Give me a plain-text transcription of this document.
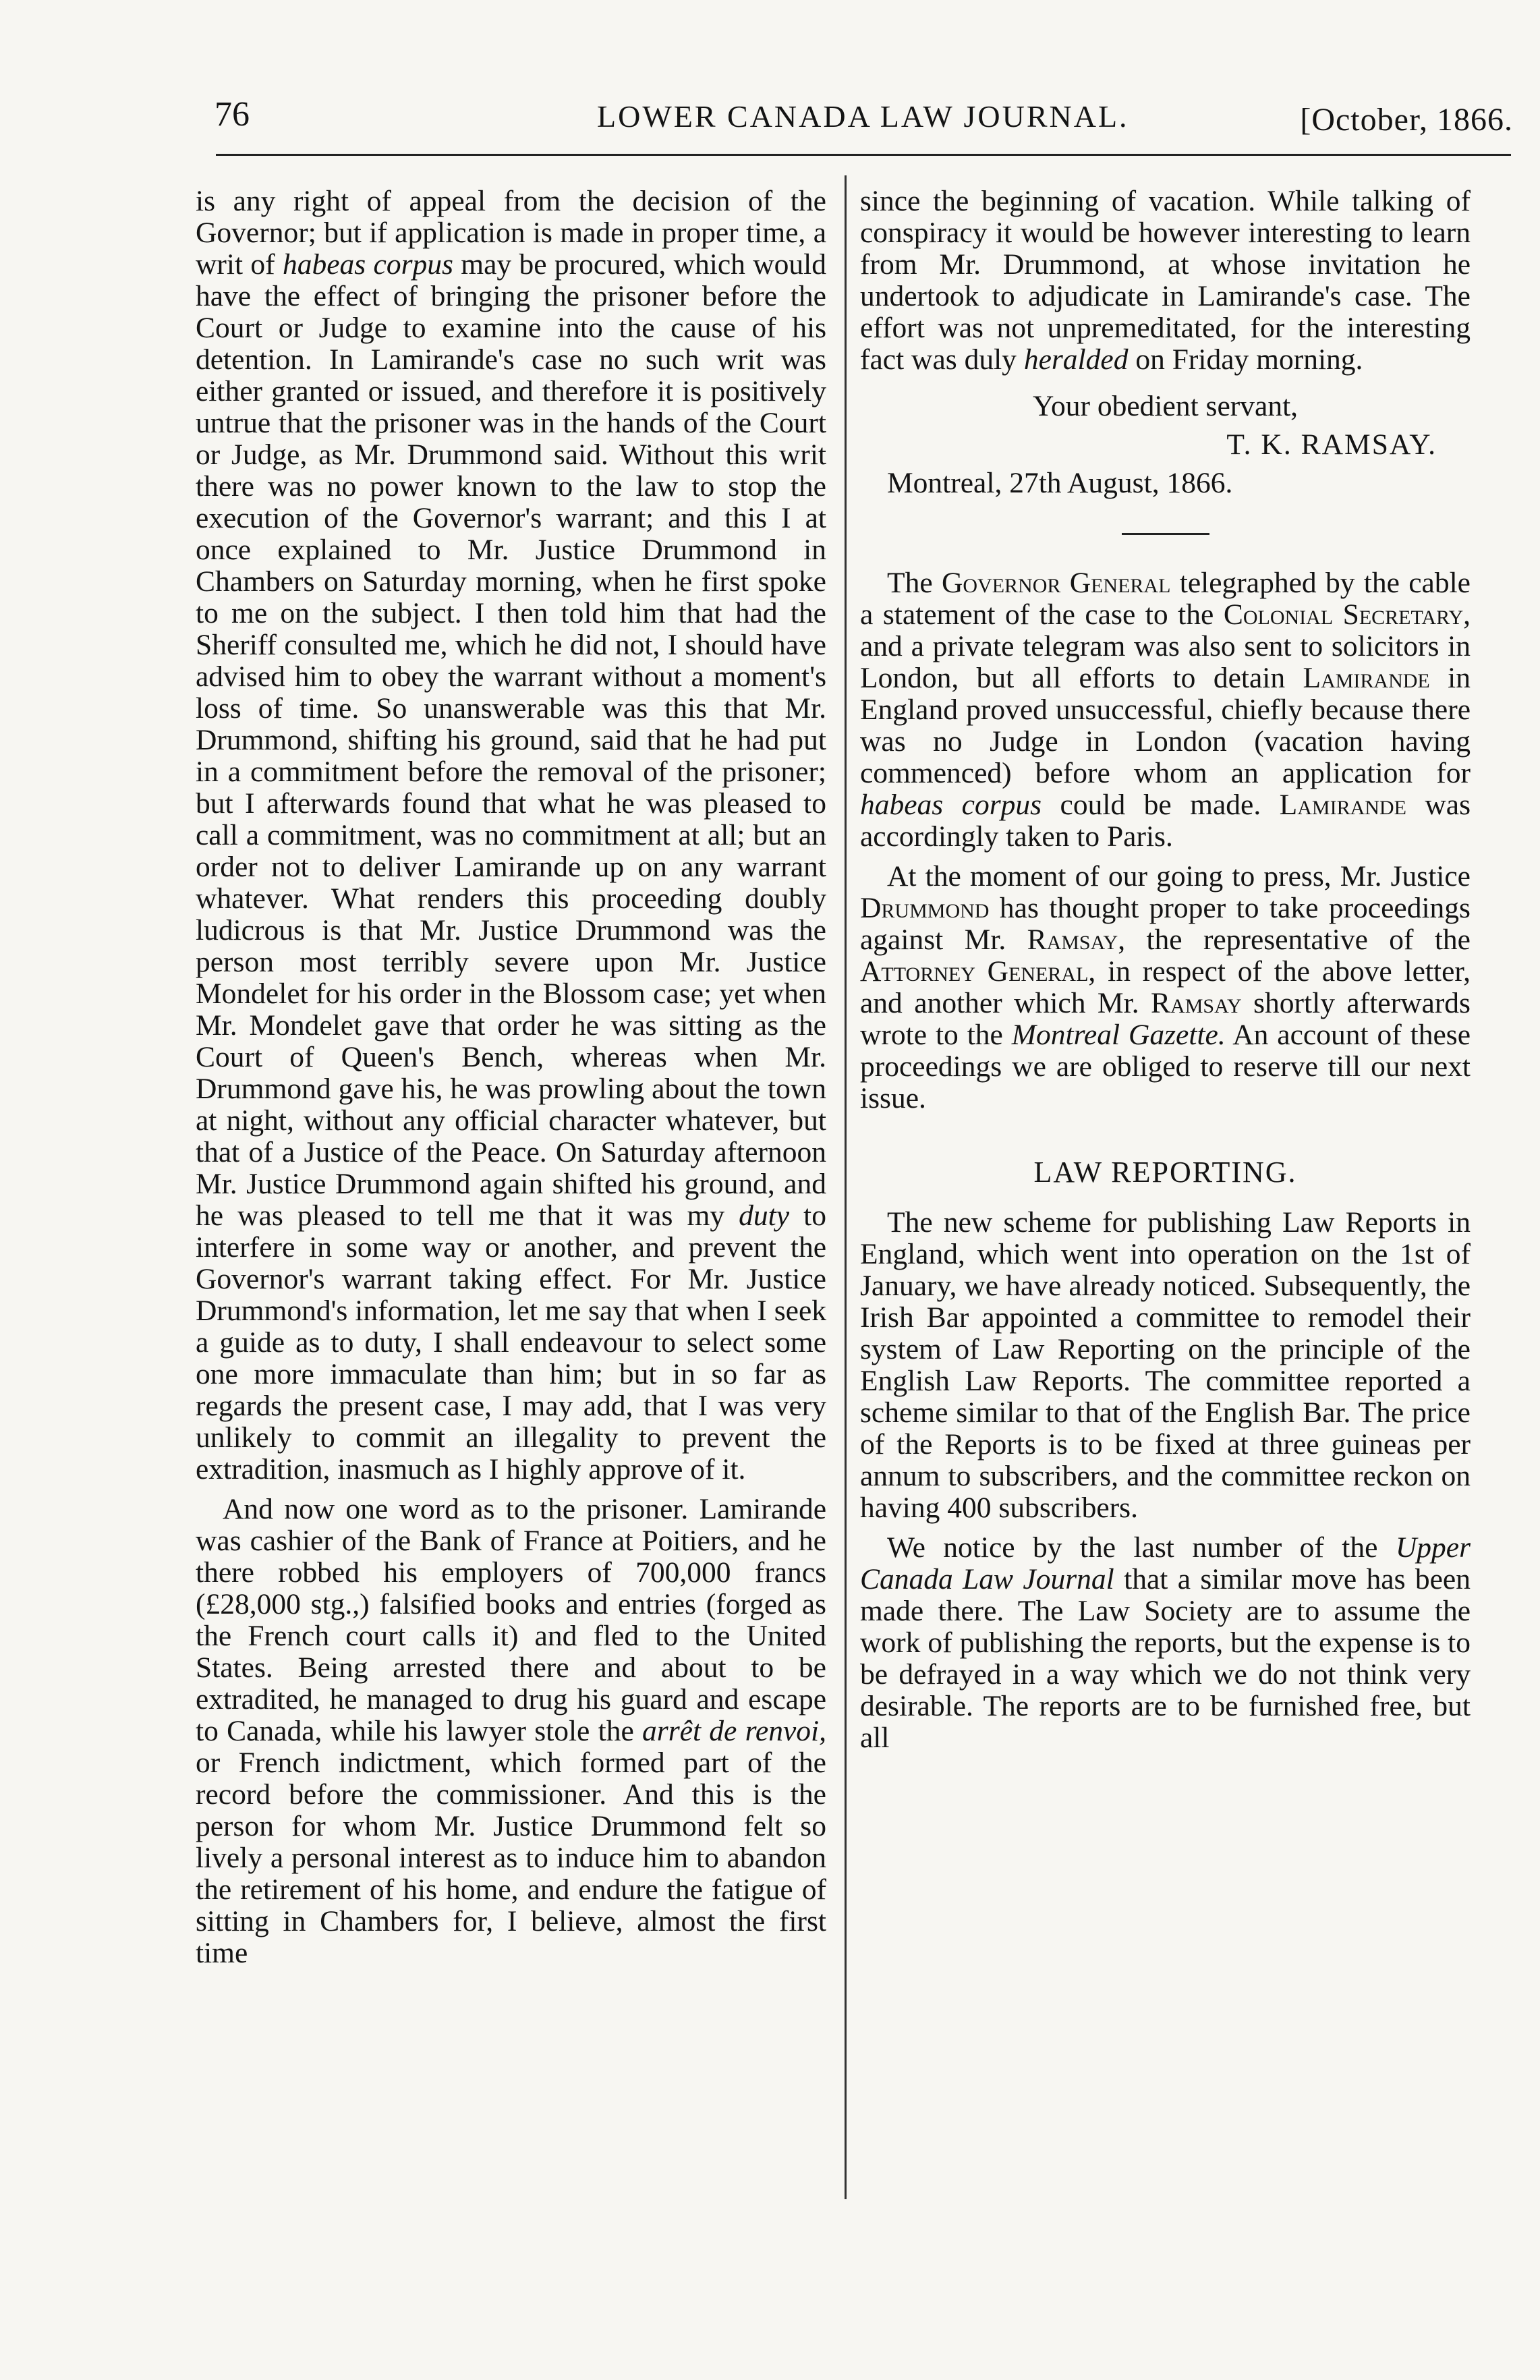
76	LOWER CANADA LAW JOURNAL.	[October, 1866.

is any right of appeal from the decision of the Governor; but if application is made in proper time, a writ of habeas corpus may be procured, which would have the effect of bringing the prisoner before the Court or Judge to examine into the cause of his detention. In Lamirande's case no such writ was either granted or issued, and therefore it is positively untrue that the prisoner was in the hands of the Court or Judge, as Mr. Drummond said. Without this writ there was no power known to the law to stop the execution of the Governor's warrant; and this I at once explained to Mr. Justice Drummond in Chambers on Saturday morning, when he first spoke to me on the subject. I then told him that had the Sheriff consulted me, which he did not, I should have advised him to obey the warrant without a moment's loss of time. So unanswerable was this that Mr. Drummond, shifting his ground, said that he had put in a commitment before the removal of the prisoner; but I afterwards found that what he was pleased to call a commitment, was no commitment at all; but an order not to deliver Lamirande up on any warrant whatever. What renders this proceeding doubly ludicrous is that Mr. Justice Drummond was the person most terribly severe upon Mr. Justice Mondelet for his order in the Blossom case; yet when Mr. Mondelet gave that order he was sitting as the Court of Queen's Bench, whereas when Mr. Drummond gave his, he was prowling about the town at night, without any official character whatever, but that of a Justice of the Peace. On Saturday afternoon Mr. Justice Drummond again shifted his ground, and he was pleased to tell me that it was my duty to interfere in some way or another, and prevent the Governor's warrant taking effect. For Mr. Justice Drummond's information, let me say that when I seek a guide as to duty, I shall endeavour to select some one more immaculate than him; but in so far as regards the present case, I may add, that I was very unlikely to commit an illegality to prevent the extradition, inasmuch as I highly approve of it.

And now one word as to the prisoner. Lamirande was cashier of the Bank of France at Poitiers, and he there robbed his employers of 700,000 francs (£28,000 stg.,) falsified books and entries (forged as the French court calls it) and fled to the United States. Being arrested there and about to be extradited, he managed to drug his guard and escape to Canada, while his lawyer stole the arrêt de renvoi, or French indictment, which formed part of the record before the commissioner. And this is the person for whom Mr. Justice Drummond felt so lively a personal interest as to induce him to abandon the retirement of his home, and endure the fatigue of sitting in Chambers for, I believe, almost the first time

since the beginning of vacation. While talking of conspiracy it would be however interesting to learn from Mr. Drummond, at whose invitation he undertook to adjudicate in Lamirande's case. The effort was not unpremeditated, for the interesting fact was duly heralded on Friday morning.

Your obedient servant,

T. K. RAMSAY.

Montreal, 27th August, 1866.

The Governor General telegraphed by the cable a statement of the case to the Colonial Secretary, and a private telegram was also sent to solicitors in London, but all efforts to detain Lamirande in England proved unsuccessful, chiefly because there was no Judge in London (vacation having commenced) before whom an application for habeas corpus could be made. Lamirande was accordingly taken to Paris.

At the moment of our going to press, Mr. Justice Drummond has thought proper to take proceedings against Mr. Ramsay, the representative of the Attorney General, in respect of the above letter, and another which Mr. Ramsay shortly afterwards wrote to the Montreal Gazette. An account of these proceedings we are obliged to reserve till our next issue.

LAW REPORTING.

The new scheme for publishing Law Reports in England, which went into operation on the 1st of January, we have already noticed. Subsequently, the Irish Bar appointed a committee to remodel their system of Law Reporting on the principle of the English Law Reports. The committee reported a scheme similar to that of the English Bar. The price of the Reports is to be fixed at three guineas per annum to subscribers, and the committee reckon on having 400 subscribers.

We notice by the last number of the Upper Canada Law Journal that a similar move has been made there. The Law Society are to assume the work of publishing the reports, but the expense is to be defrayed in a way which we do not think very desirable. The reports are to be furnished free, but all
